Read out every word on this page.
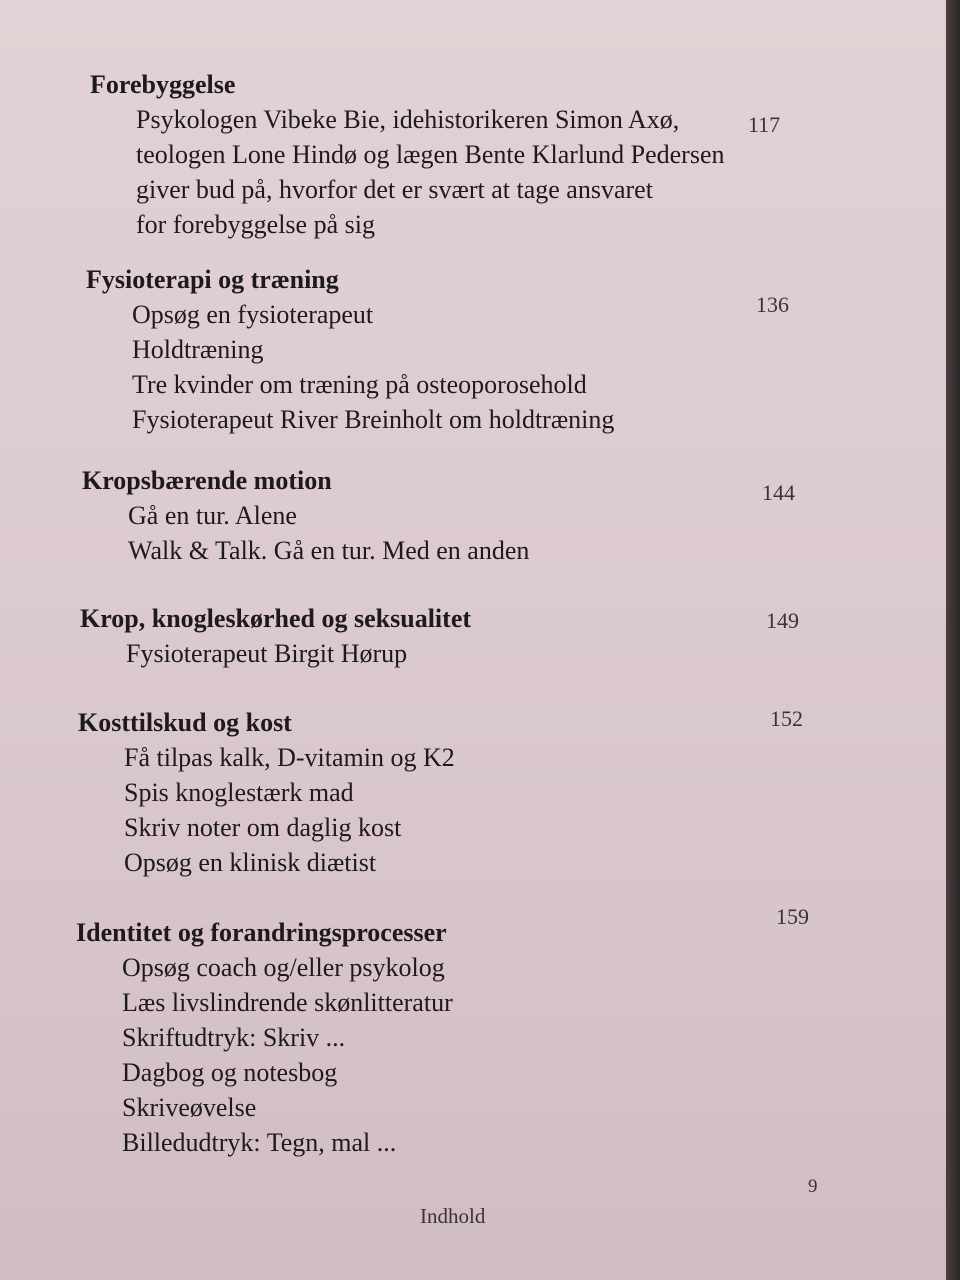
Forebyggelse
Psykologen Vibeke Bie, idehistorikeren Simon Axø,
teologen Lone Hindø og lægen Bente Klarlund Pedersen
giver bud på, hvorfor det er svært at tage ansvaret
for forebyggelse på sig
117
Fysioterapi og træning
Opsøg en fysioterapeut
Holdtræning
Tre kvinder om træning på osteoporosehold
Fysioterapeut River Breinholt om holdtræning
136
Kropsbærende motion
Gå en tur. Alene
Walk & Talk. Gå en tur. Med en anden
144
Krop, knogleskørhed og seksualitet
Fysioterapeut Birgit Hørup
149
Kosttilskud og kost
Få tilpas kalk, D-vitamin og K2
Spis knoglestærk mad
Skriv noter om daglig kost
Opsøg en klinisk diætist
152
Identitet og forandringsprocesser
Opsøg coach og/eller psykolog
Læs livslindrende skønlitteratur
Skriftudtryk: Skriv ...
Dagbog og notesbog
Skriveøvelse
Billedudtryk: Tegn, mal ...
159
9
Indhold
